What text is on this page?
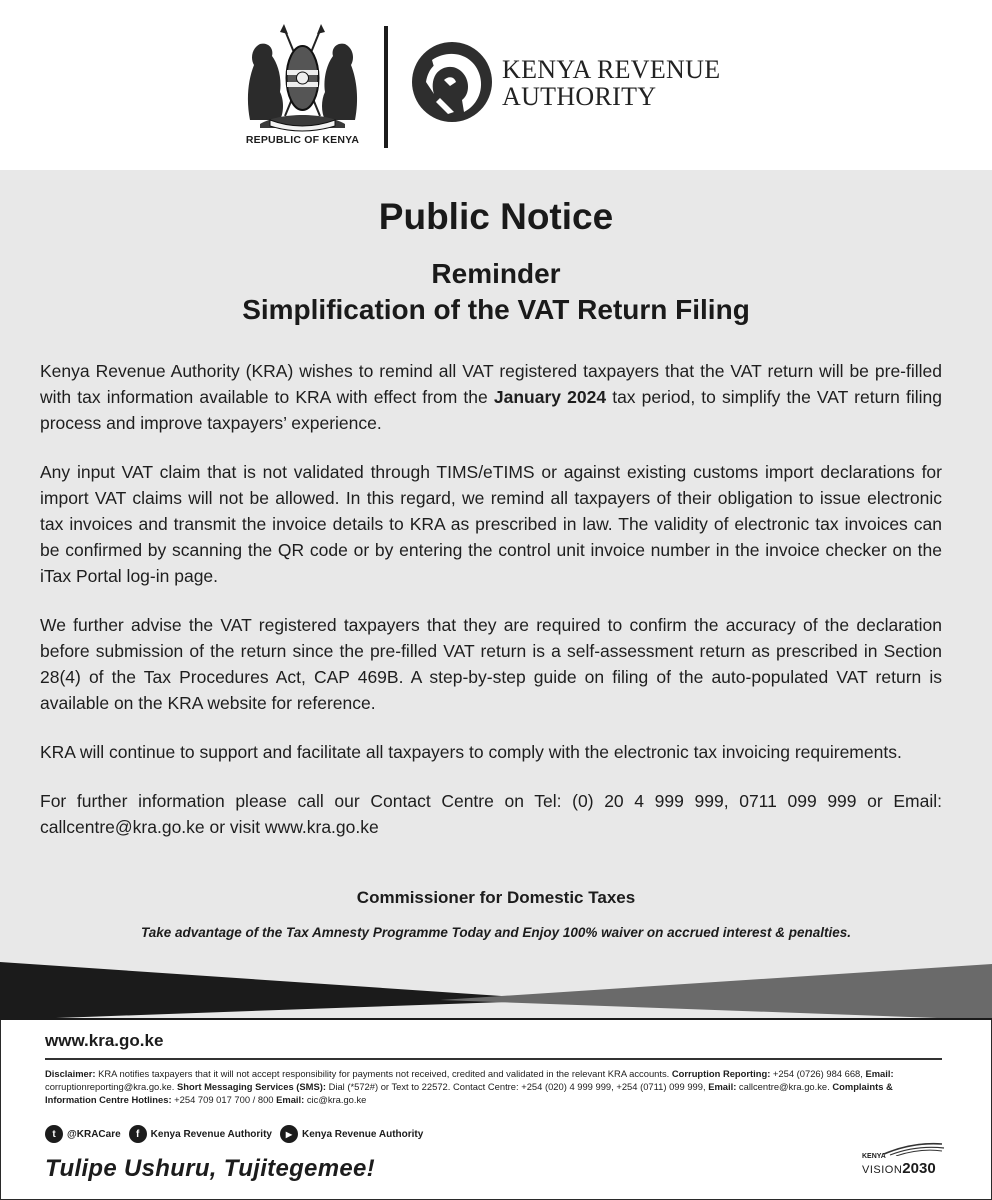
REPUBLIC OF KENYA
KENYA REVENUE
AUTHORITY
Public Notice
Reminder
Simplification of the VAT Return Filing

Kenya Revenue Authority (KRA) wishes to remind all VAT registered taxpayers that the VAT return will be pre-filled with tax information available to KRA with effect from the January 2024 tax period, to simplify the VAT return filing process and improve taxpayers’ experience.

Any input VAT claim that is not validated through TIMS/eTIMS or against existing customs import declarations for import VAT claims will not be allowed. In this regard, we remind all taxpayers of their obligation to issue electronic tax invoices and transmit the invoice details to KRA as prescribed in law. The validity of electronic tax invoices can be confirmed by scanning the QR code or by entering the control unit invoice number in the invoice checker on the iTax Portal log-in page.

We further advise the VAT registered taxpayers that they are required to confirm the accuracy of the declaration before submission of the return since the pre-filled VAT return is a self-assessment return as prescribed in Section 28(4) of the Tax Procedures Act, CAP 469B. A step-by-step guide on filing of the auto-populated VAT return is available on the KRA website for reference.

KRA will continue to support and facilitate all taxpayers to comply with the electronic tax invoicing requirements.

For further information please call our Contact Centre on Tel: (0) 20 4 999 999, 0711 099 999 or Email: callcentre@kra.go.ke or visit www.kra.go.ke

Commissioner for Domestic Taxes
Take advantage of the Tax Amnesty Programme Today and Enjoy 100% waiver on accrued interest & penalties.
www.kra.go.ke
Disclaimer: KRA notifies taxpayers that it will not accept responsibility for payments not received, credited and validated in the relevant KRA accounts. Corruption Reporting: +254 (0726) 984 668, Email: corruptionreporting@kra.go.ke. Short Messaging Services (SMS): Dial (*572#) or Text to 22572. Contact Centre: +254 (020) 4 999 999, +254 (0711) 099 999, Email: callcentre@kra.go.ke. Complaints & Information Centre Hotlines: +254 709 017 700 / 800 Email: cic@kra.go.ke
t	@KRACare	f	Kenya Revenue Authority	▶ Kenya Revenue Authority
Tulipe Ushuru, Tujitegemee!	KENYA
VISION2030
